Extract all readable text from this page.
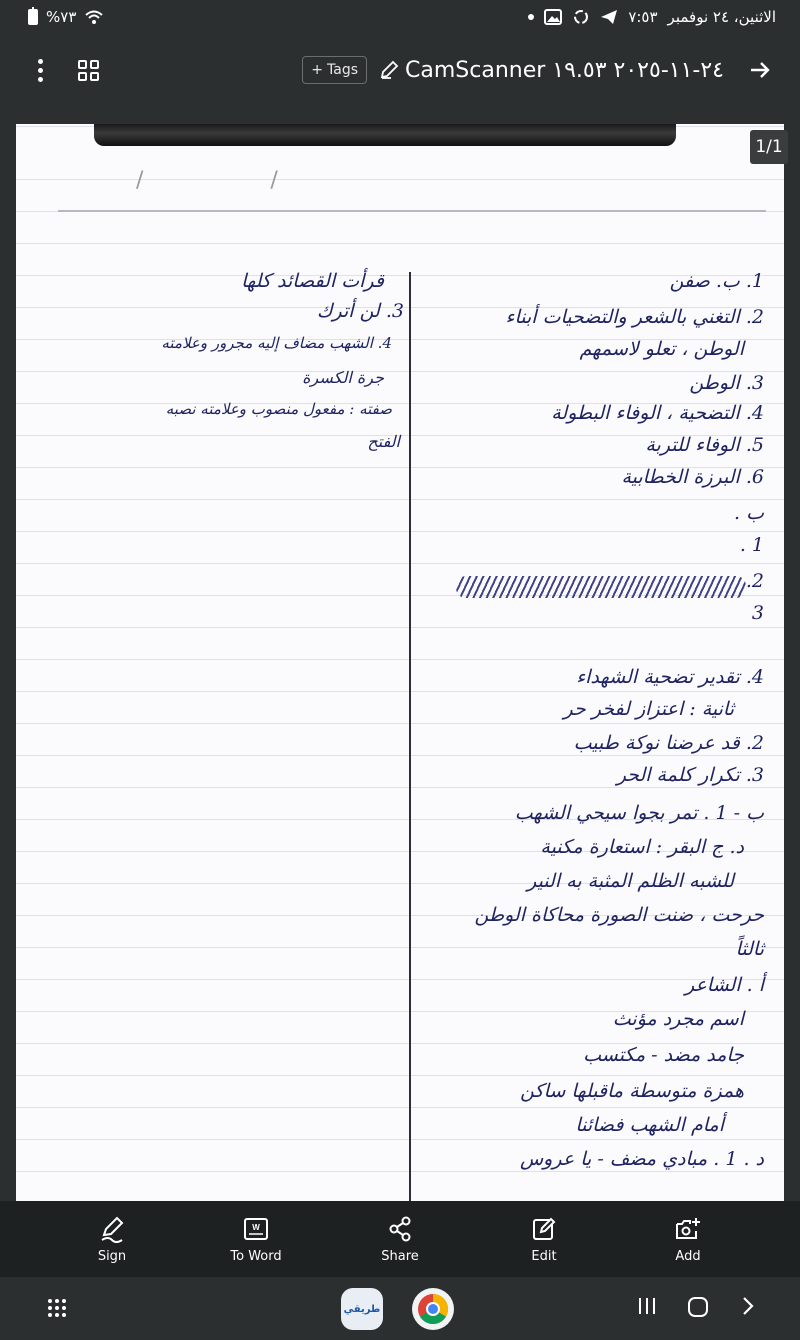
%٧٣	الاثنين، ٢٤ نوفمبر
٧:٥٣
+ Tags CamScanner ٢٤-١١-٢٠٢٥ ١٩.٥٣
/ /
1. ب. صفن
2. التغني بالشعر والتضحيات أبناء
الوطن ، تعلو لاسمهم
3. الوطن
4. التضحية ، الوفاء البطولة
5. الوفاء للتربة
6. البرزة الخطابية
ب .
1 .
2.
3
4. تقدير تضحية الشهداء
ثانية : اعتزاز لفخر حر
2. قد عرضنا نوكة طبيب
3. تكرار كلمة الحر
ب - 1 . تمر بجوا سيحي الشهب
د. ج البقر : استعارة مكنية
للشبه الظلم المثبة به النير
حرحت ، ضنت الصورة محاكاة الوطن
ثالثاً
أ . الشاعر
اسم مجرد مؤنث
جامد مضد - مكتسب
همزة متوسطة ماقبلها ساكن
أمام الشهب فضائنا
د . 1 . مبادي مضف - يا عروس
قرأت القصائد كلها
3. لن أترك
4. الشهب مضاف إليه مجرور وعلامته
جرة الكسرة
صفته : مفعول منصوب وعلامته نصبه
الفتح
1/1
Sign
W
To Word	Share	Edit	Add
طريقي
